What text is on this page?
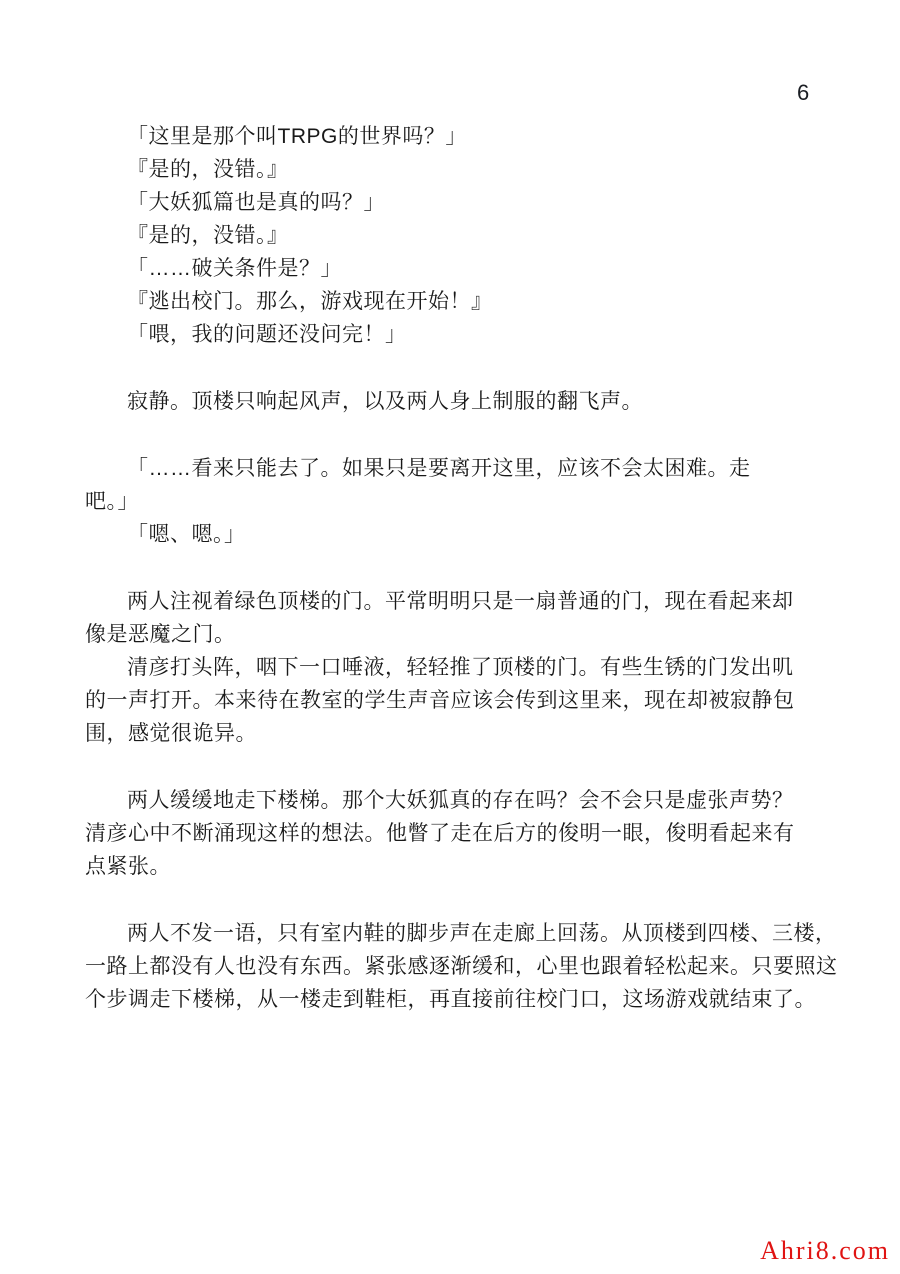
6
「这里是那个叫TRPG的世界吗？」
『是的，没错。』
「大妖狐篇也是真的吗？」
『是的，没错。』
「……破关条件是？」
『逃出校门。那么，游戏现在开始！』
「喂，我的问题还没问完！」
寂静。顶楼只响起风声，以及两人身上制服的翻飞声。
「……看来只能去了。如果只是要离开这里，应该不会太困难。走
吧。」
「嗯、嗯。」
两人注视着绿色顶楼的门。平常明明只是一扇普通的门，现在看起来却
像是恶魔之门。
清彦打头阵，咽下一口唾液，轻轻推了顶楼的门。有些生锈的门发出叽
的一声打开。本来待在教室的学生声音应该会传到这里来，现在却被寂静包
围，感觉很诡异。
两人缓缓地走下楼梯。那个大妖狐真的存在吗？会不会只是虚张声势？
清彦心中不断涌现这样的想法。他瞥了走在后方的俊明一眼，俊明看起来有
点紧张。
两人不发一语，只有室内鞋的脚步声在走廊上回荡。从顶楼到四楼、三楼，
一路上都没有人也没有东西。紧张感逐渐缓和，心里也跟着轻松起来。只要照这
个步调走下楼梯，从一楼走到鞋柜，再直接前往校门口，这场游戏就结束了。
Ahri8.com
